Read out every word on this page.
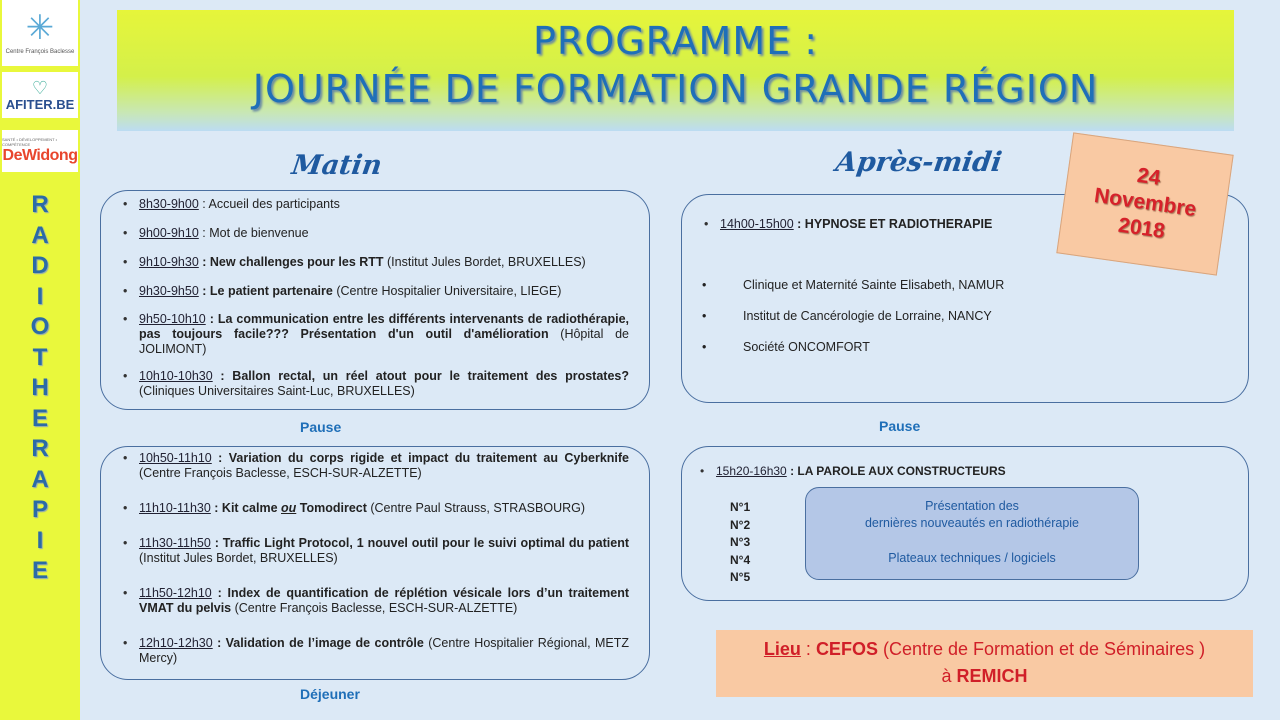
✳
Centre François Baclesse
♡
AFITER.BE
SANTÉ • DÉVELOPPEMENT • COMPÉTENCE
DeWidong
R
A
D
I
O
T
H
E
R
A
P
I
E
PROGRAMME :
JOURNÉE DE FORMATION GRANDE RÉGION
Matin	Après-midi
• 8h30-9h00 : Accueil des participants
• 9h00-9h10 : Mot de bienvenue
• 9h10-9h30 : New challenges pour les RTT (Institut Jules Bordet, BRUXELLES)
• 9h30-9h50 : Le patient partenaire (Centre Hospitalier Universitaire, LIEGE)
• 9h50-10h10 : La communication entre les différents intervenants de radiothérapie, pas toujours facile??? Présentation d'un outil d'amélioration (Hôpital de JOLIMONT)
• 10h10-10h30 : Ballon rectal, un réel atout pour le traitement des prostates? (Cliniques Universitaires Saint-Luc, BRUXELLES)
Pause
• 10h50-11h10 : Variation du corps rigide et impact du traitement au Cyberknife (Centre François Baclesse, ESCH-SUR-ALZETTE)
• 11h10-11h30 : Kit calme ou Tomodirect (Centre Paul Strauss, STRASBOURG)
• 11h30-11h50 : Traffic Light Protocol, 1 nouvel outil pour le suivi optimal du patient (Institut Jules Bordet, BRUXELLES)
• 11h50-12h10 : Index de quantification de réplétion vésicale lors d’un traitement VMAT du pelvis (Centre François Baclesse, ESCH-SUR-ALZETTE)
• 12h10-12h30 : Validation de l’image de contrôle (Centre Hospitalier Régional, METZ Mercy)
Déjeuner
• 14h00-15h00 : HYPNOSE ET RADIOTHERAPIE
•	Clinique et Maternité Sainte Elisabeth, NAMUR
•	Institut de Cancérologie de Lorraine, NANCY
•	Société ONCOMFORT
Pause
• 15h20-16h30 : LA PAROLE AUX CONSTRUCTEURS
N°1
N°2
N°3
N°4
N°5
Présentation des
dernières nouveautés en radiothérapie
Plateaux techniques / logiciels
24
Novembre
2018
Lieu : CEFOS (Centre de Formation et de Séminaires )
à REMICH
